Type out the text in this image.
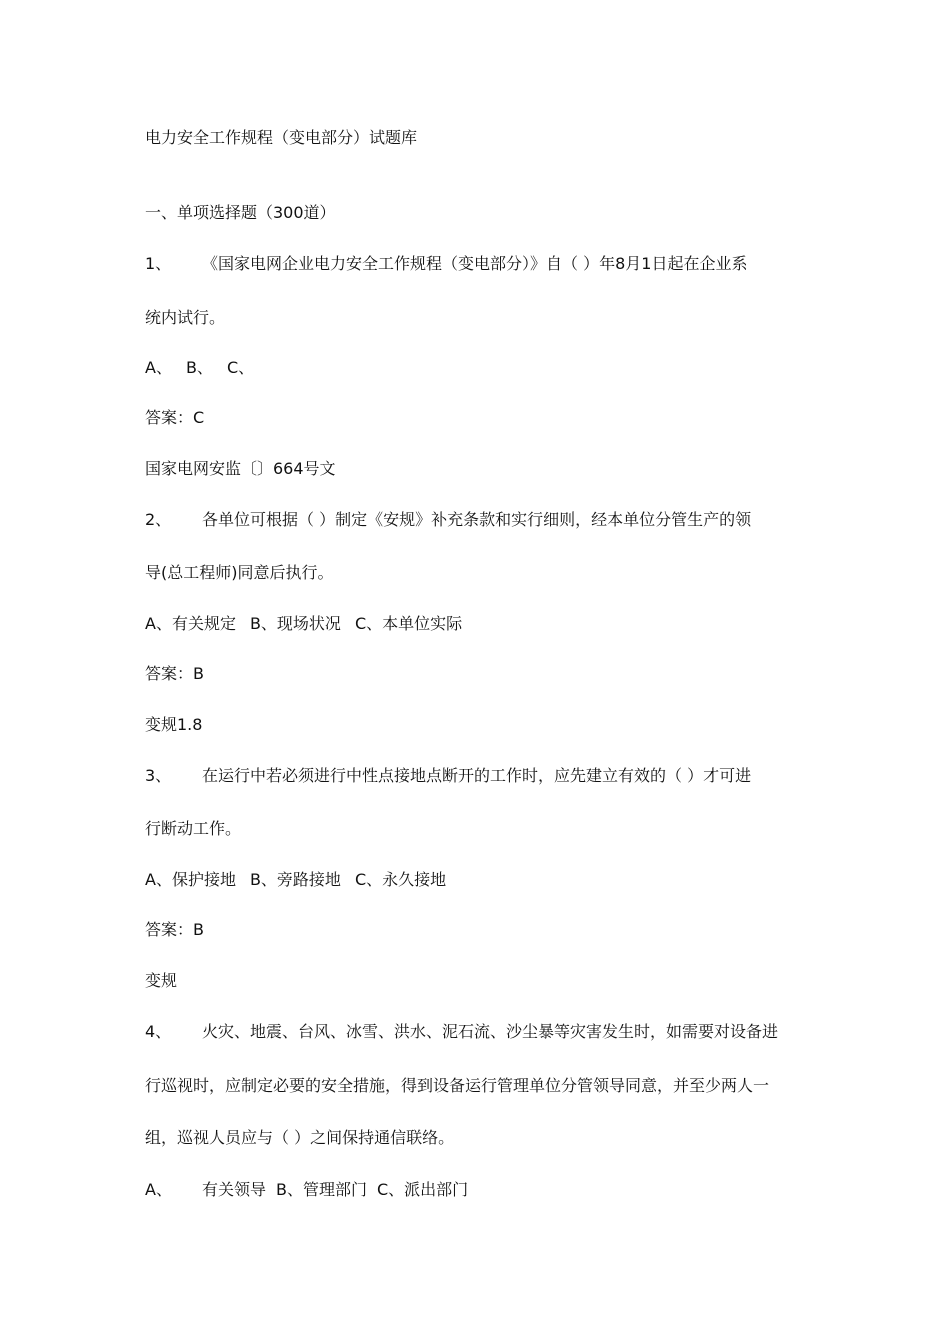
电力安全工作规程（变电部分）试题库
一、单项选择题（300道）
1、 《国家电网企业电力安全工作规程（变电部分）》自（ ）年8月1日起在企业系
统内试行。
A、 B、 C、
答案：C
国家电网安监〔〕664号文
2、 各单位可根据（ ）制定《安规》补充条款和实行细则，经本单位分管生产的领
导(总工程师)同意后执行。
A、有关规定 B、现场状况 C、本单位实际
答案：B
变规1.8
3、 在运行中若必须进行中性点接地点断开的工作时，应先建立有效的（ ）才可进
行断动工作。
A、保护接地 B、旁路接地 C、永久接地
答案：B
变规
4、 火灾、地震、台风、冰雪、洪水、泥石流、沙尘暴等灾害发生时，如需要对设备进
行巡视时，应制定必要的安全措施，得到设备运行管理单位分管领导同意，并至少两人一
组，巡视人员应与（ ）之间保持通信联络。
A、 有关领导 B、管理部门 C、派出部门
